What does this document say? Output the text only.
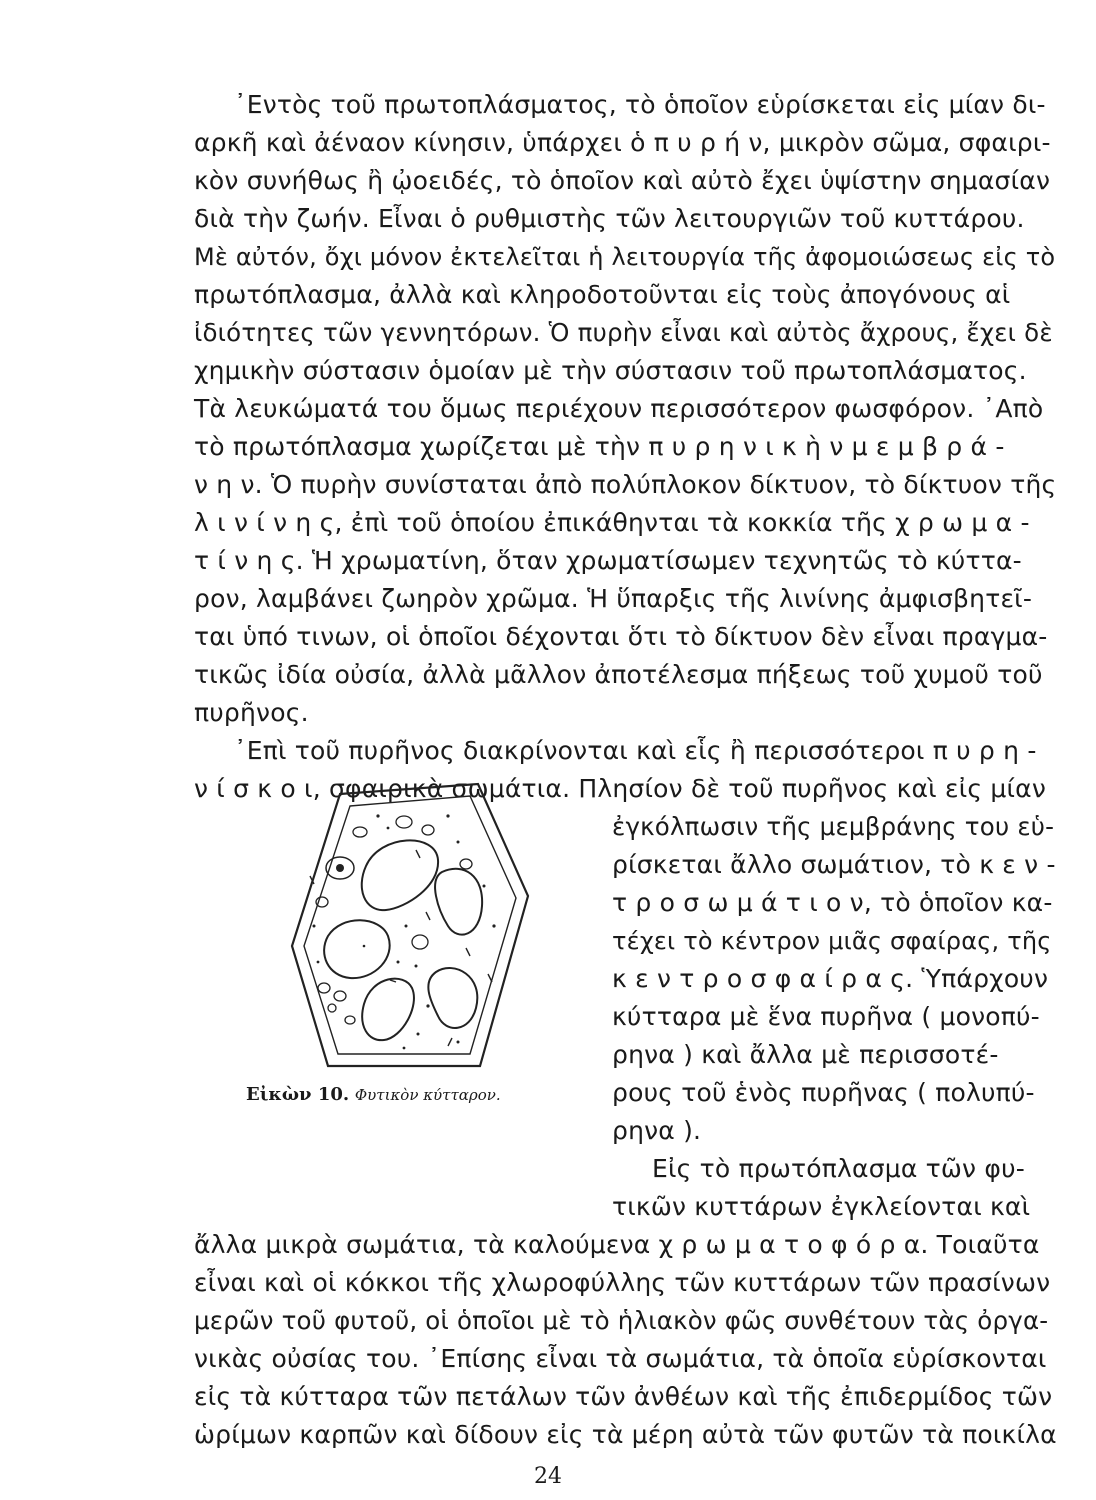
᾽Εντὸς τοῦ πρωτοπλάσματος, τὸ ὁποῖον εὑρίσκεται εἰς μίαν δι-
αρκῆ καὶ ἀέναον κίνησιν, ὑπάρχει ὁ π υ ρ ή ν, μικρὸν σῶμα, σφαιρι-
κὸν συνήθως ἢ ᾠοειδές, τὸ ὁποῖον καὶ αὐτὸ ἔχει ὑψίστην σημασίαν
διὰ τὴν ζωήν. Εἶναι ὁ ρυθμιστὴς τῶν λειτουργιῶν τοῦ κυττάρου.
Μὲ αὐτόν, ὄχι μόνον ἐκτελεῖται ἡ λειτουργία τῆς ἀφομοιώσεως εἰς τὸ
πρωτόπλασμα, ἀλλὰ καὶ κληροδοτοῦνται εἰς τοὺς ἀπογόνους αἱ
ἰδιότητες τῶν γεννητόρων. Ὁ πυρὴν εἶναι καὶ αὐτὸς ἄχρους, ἔχει δὲ
χημικὴν σύστασιν ὁμοίαν μὲ τὴν σύστασιν τοῦ πρωτοπλάσματος.
Τὰ λευκώματά του ὅμως περιέχουν περισσότερον φωσφόρον. ᾽Απὸ
τὸ πρωτόπλασμα χωρίζεται μὲ τὴν π υ ρ η ν ι κ ὴ ν μ ε μ β ρ ά -
ν η ν. Ὁ πυρὴν συνίσταται ἀπὸ πολύπλοκον δίκτυον, τὸ δίκτυον τῆς
λ ι ν ί ν η ς, ἐπὶ τοῦ ὁποίου ἐπικάθηνται τὰ κοκκία τῆς χ ρ ω μ α -
τ ί ν η ς. Ἡ χρωματίνη, ὅταν χρωματίσωμεν τεχνητῶς τὸ κύττα-
ρον, λαμβάνει ζωηρὸν χρῶμα. Ἡ ὕπαρξις τῆς λινίνης ἀμφισβητεῖ-
ται ὑπό τινων, οἱ ὁποῖοι δέχονται ὅτι τὸ δίκτυον δὲν εἶναι πραγμα-
τικῶς ἰδία οὐσία, ἀλλὰ μᾶλλον ἀποτέλεσμα πήξεως τοῦ χυμοῦ τοῦ
πυρῆνος.
᾽Επὶ τοῦ πυρῆνος διακρίνονται καὶ εἷς ἢ περισσότεροι π υ ρ η -
ν ί σ κ ο ι, σφαιρικὰ σωμάτια. Πλησίον δὲ τοῦ πυρῆνος καὶ εἰς μίαν
ἐγκόλπωσιν τῆς μεμβράνης του εὑ-
ρίσκεται ἄλλο σωμάτιον, τὸ κ ε ν -
τ ρ ο σ ω μ ά τ ι ο ν, τὸ ὁποῖον κα-
τέχει τὸ κέντρον μιᾶς σφαίρας, τῆς
κ ε ν τ ρ ο σ φ α ί ρ α ς. Ὑπάρχουν
κύτταρα μὲ ἕνα πυρῆνα ( μονοπύ-
ρηνα ) καὶ ἄλλα μὲ περισσοτέ-
ρους τοῦ ἑνὸς πυρῆνας ( πολυπύ-
ρηνα ).
Εἰς τὸ πρωτόπλασμα τῶν φυ-
τικῶν κυττάρων ἐγκλείονται καὶ
Εἰκὼν 10. Φυτικὸν κύτταρον.
ἄλλα μικρὰ σωμάτια, τὰ καλούμενα χ ρ ω μ α τ ο φ ό ρ α. Τοιαῦτα
εἶναι καὶ οἱ κόκκοι τῆς χλωροφύλλης τῶν κυττάρων τῶν πρασίνων
μερῶν τοῦ φυτοῦ, οἱ ὁποῖοι μὲ τὸ ἡλιακὸν φῶς συνθέτουν τὰς ὀργα-
νικὰς οὐσίας του. ᾽Επίσης εἶναι τὰ σωμάτια, τὰ ὁποῖα εὑρίσκονται
εἰς τὰ κύτταρα τῶν πετάλων τῶν ἀνθέων καὶ τῆς ἐπιδερμίδος τῶν
ὡρίμων καρπῶν καὶ δίδουν εἰς τὰ μέρη αὐτὰ τῶν φυτῶν τὰ ποικίλα
24
